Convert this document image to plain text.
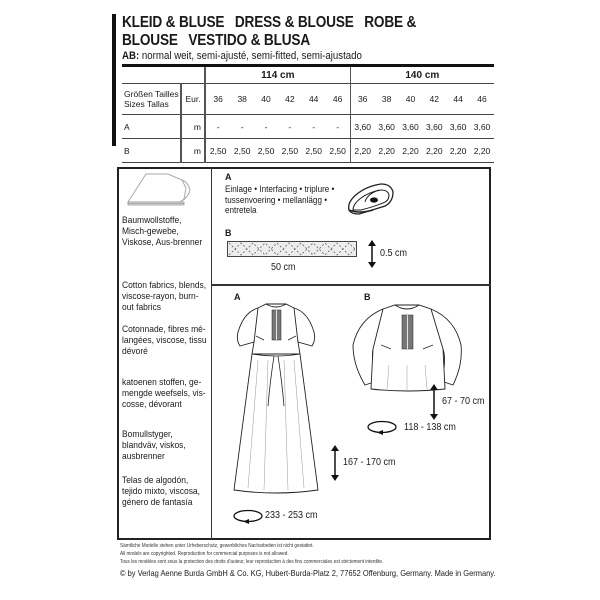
KLEID & BLUSE DRESS & BLOUSE ROBE & BLOUSE VESTIDO & BLUSA
AB: normal weit, semi-ajusté, semi-fitted, semi-ajustado
		114 cm						140 cm					

Größen Tailles
Sizes Tallas	Eur.	36	38	40	42	44	46	36	38	40	42	44	46
A	m	-	-	-	-	-	-	3,60	3,60	3,60	3,60	3,60	3,60
B	m	2,50	2,50	2,50	2,50	2,50	2,50	2,20	2,20	2,20	2,20	2,20	2,20
Baumwollstoffe, Misch-gewebe, Viskose, Aus-brenner
Cotton fabrics, blends, viscose-rayon, burn-out fabrics
Cotonnade, fibres mé-langées, viscose, tissu dévoré
katoenen stoffen, ge-mengde weefsels, vis-cosse, dévorant
Bomullstyger, blandväv, viskos, ausbrenner
Telas de algodón, tejido mixto, viscosa, género de fantasía
A
Einlage • Interfacing • triplure •
tussenvoering • mellanlägg •
entretela
B
50 cm
0.5 cm
A
167 - 170 cm
233 - 253 cm
B
67 - 70 cm
118 - 138 cm
Sämtliche Modelle stehen unter Urheberschutz, gewerbliches Nacharbeiten ist nicht gestattet.
All models are copyrighted. Reproduction for commercial purposes is not allowed.
Tous les modèles sont sous la protection des droits d'auteur, leur reproduction à des fins commerciales est strictement interdite.
© by Verlag Aenne Burda GmbH & Co. KG, Hubert-Burda-Platz 2, 77652 Offenburg, Germany. Made in Germany.
